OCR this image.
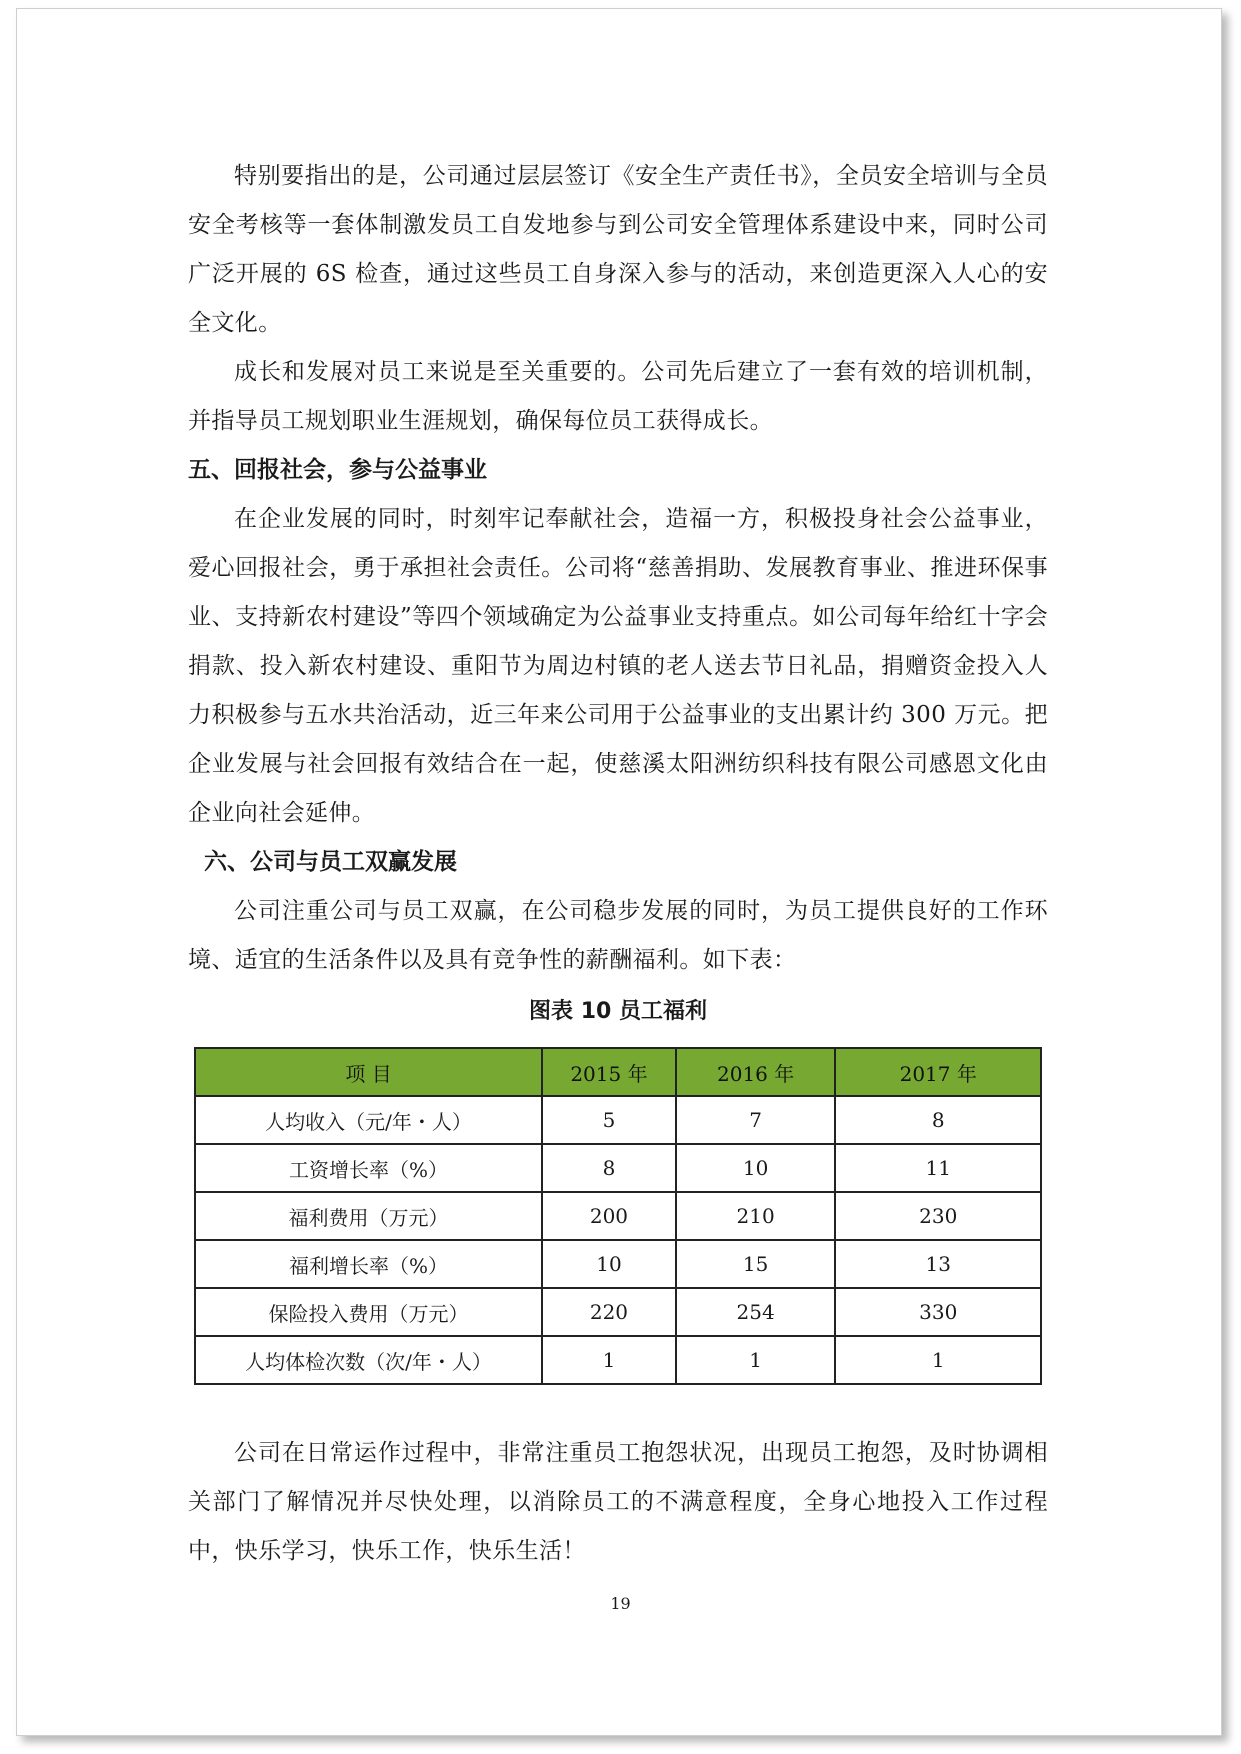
特别要指出的是，公司通过层层签订《安全生产责任书》，全员安全培训与全员安全考核等一套体制激发员工自发地参与到公司安全管理体系建设中来，同时公司广泛开展的 6S 检查，通过这些员工自身深入参与的活动，来创造更深入人心的安全文化。

成长和发展对员工来说是至关重要的。公司先后建立了一套有效的培训机制，并指导员工规划职业生涯规划，确保每位员工获得成长。

五、回报社会，参与公益事业

在企业发展的同时，时刻牢记奉献社会，造福一方，积极投身社会公益事业，爱心回报社会，勇于承担社会责任。公司将“慈善捐助、发展教育事业、推进环保事业、支持新农村建设”等四个领域确定为公益事业支持重点。如公司每年给红十字会捐款、投入新农村建设、重阳节为周边村镇的老人送去节日礼品，捐赠资金投入人力积极参与五水共治活动，近三年来公司用于公益事业的支出累计约 300 万元。把企业发展与社会回报有效结合在一起，使慈溪太阳洲纺织科技有限公司感恩文化由企业向社会延伸。

六、公司与员工双赢发展

公司注重公司与员工双赢，在公司稳步发展的同时，为员工提供良好的工作环境、适宜的生活条件以及具有竞争性的薪酬福利。如下表：

图表 10 员工福利

项 目	2015 年	2016 年	2017 年
人均收入（元/年・人）	5	7	8
工资增长率（%）	8	10	11
福利费用（万元）	200	210	230
福利增长率（%）	10	15	13
保险投入费用（万元）	220	254	330
人均体检次数（次/年・人）	1	1	1

公司在日常运作过程中，非常注重员工抱怨状况，出现员工抱怨，及时协调相关部门了解情况并尽快处理，以消除员工的不满意程度，全身心地投入工作过程中，快乐学习，快乐工作，快乐生活！

19
